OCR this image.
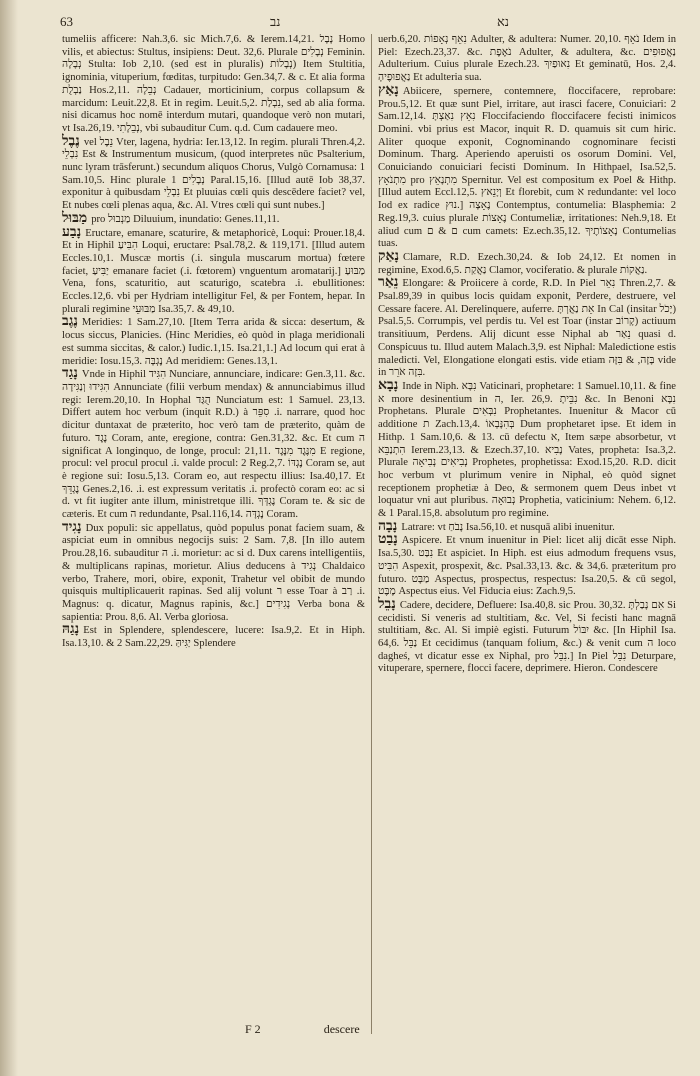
63	נב	נא

tumeliis afficere: Nah.3,6. sic Mich.7,6. & Ierem.14,21. נָבָל Homo vilis, et abiectus: Stultus, insipiens: Deut. 32,6. Plurale נְבָלִים Feminin. נְבָלָה Stulta: Iob 2,10. (sed est in pluralis) נְבָלוֹת) Item Stultitia, ignominia, vituperium, fœditas, turpitudo: Gen.34,7. & c. Et alia forma נַבְלֻת Hos.2,11. נְבֵלָה Cadauer, morticinium, corpus collapsum & marcidum: Leuit.22,8. Et in regim. Leuit.5,2. נִבְלַת, sed ab alia forma. nisi dicamus hoc nomē interdum mutari, quandoque verò non mutari, vt Isa.26,19. נְבֵלָתִי, vbi subauditur Cum. q.d. Cum cadauere meo.

נֶבֶל vel נֵבֶל Vter, lagena, hydria: Ier.13,12. In regim. plurali Thren.4,2. נִבְלֵי Est & Instrumentum musicum, (quod interpretes nūc Psalterium, nunc lyram trāsferunt.) secundum aliquos Chorus, Vulgò Cornamusa: 1 Sam.10,5. Hinc plurale נְבָלִים 1 Paral.15,16. [Illud autē Iob 38,37. exponitur à quibusdam נִבְלֵי Et pluuias cœli quis descēdere faciet? vel, Et nubes cœli plenas aqua, &c. Al. Vtres cœli qui sunt nubes.]

מַבּוּל pro מַנְבוּל Diluuium, inundatio: Genes.11,11.

נָבַע Eructare, emanare, scaturire, & metaphoricè, Loqui: Prouer.18,4. Et in Hiphil הִבִּיעַ Loqui, eructare: Psal.78,2. & 119,171. [Illud autem Eccles.10,1. Muscæ mortis (.i. singula muscarum mortua) fœtere faciet, יַבִּיעַ emanare faciet (.i. fœtorem) vnguentum aromatarij.] מַבּוּעַ Vena, fons, scaturitio, aut scaturigo, scatebra .i. ebullitiones: Eccles.12,6. vbi per Hydriam intelligitur Fel, & per Fontem, hepar. In plurali regimine מַבּוּעֵי Isa.35,7. & 49,10.

נֶגֶב Meridies: 1 Sam.27,10. [Item Terra arida & sicca: desertum, & locus siccus, Planicies. (Hinc Meridies, eò quòd in plaga meridionali est summa siccitas, & calor.) Iudic.1,15. Isa.21,1.] Ad locum qui erat à meridie: Iosu.15,3. נֶגְבָּה Ad meridiem: Genes.13,1.

נָגַד Vnde in Hiphil הִגִּיד Nunciare, annunciare, indicare: Gen.3,11. &c. הִגִּידוּ וְנַגִּידָה Annunciate (filii verbum mendax) & annunciabimus illud regi: Ierem.20,10. In Hophal הֻגַּד Nunciatum est: 1 Samuel. 23,13. Differt autem hoc verbum (inquit R.D.) à סִפֵּר .i. narrare, quod hoc dicitur duntaxat de præterito, hoc verò tam de præterito, quàm de futuro. נֶגֶד Coram, ante, eregione, contra: Gen.31,32. &c. Et cum ה significat A longinquo, de longe, procul: 21,11. מִנֶּגֶד מִנֶּגֶד E regione, procul: vel procul procul .i. valde procul: 2 Reg.2,7. נֶגְדּוֹ Coram se, aut è regione sui: Iosu.5,13. Coram eo, aut respectu illius: Isa.40,17. Et נֶגְדֵּךְ Genes.2,16. .i. est expressum veritatis .i. profectò coram eo: ac si d. vt fit iugiter ante illum, ministretque illi. נֶגְדְּךָ Coram te. & sic de cæteris. Et cum ה redundante, Psal.116,14. נֶגְדָּה Coram.

נָגִיד Dux populi: sic appellatus, quòd populus ponat faciem suam, & aspiciat eum in omnibus negocijs suis: 2 Sam. 7,8. [In illo autem Prou.28,16. subauditur ה .i. morietur: ac si d. Dux carens intelligentiis, & multiplicans rapinas, morietur. Alius deducens à נְגִיד Chaldaico verbo, Trahere, mori, obire, exponit, Trahetur vel obibit de mundo quisquis multiplicauerit rapinas. Sed alij volunt ר esse Toar à רַב .i. Magnus: q. dicatur, Magnus rapinis, &c.] נְגִידִים Verba bona & sapientia: Prou. 8,6. Al. Verba gloriosa.

נָגַהּ Est in Splendere, splendescere, lucere: Isa.9,2. Et in Hiph. Isa.13,10. & 2 Sam.22,29. יַגִּיהַּ Splendere

uerb.6,20. נִאֵף נְאָפוֹת Adulter, & adultera: Numer. 20,10. נֹאֵף Idem in Piel: Ezech.23,37. &c. נֹאֶפֶת Adulter, & adultera, &c. נַאֲפוּפִים Adulterium. Cuius plurale Ezech.23. נִאוּפַיִךְ Et geminatū, Hos. 2,4. נַאֲפוּפֶיהָ Et adulteria sua.

נָאַץ Abiicere, spernere, contemnere, floccifacere, reprobare: Prou.5,12. Et quæ sunt Piel, irritare, aut irasci facere, Conuiciari: 2 Sam.12,14. נִאֵץ נִאַצְתָּ Floccifaciendo floccifacere fecisti inimicos Domini. vbi prius est Macor, inquit R. D. quamuis sit cum hiric. Aliter quoque exponit, Cognominando cognominare fecisti Dominum. Tharg. Aperiendo aperuisti os osorum Domini. Vel, Conuiciando conuiciari fecisti Dominum. In Hithpael, Isa.52,5. מִתְנֹאָץ pro מִתְנָאֵץ Spernitur. Vel est compositum ex Poel & Hithp. [Illud autem Eccl.12,5. וְיָנֵאץ Et florebit, cum א redundante: vel loco Iod ex radice נוּץ.] נֶאָצָה Contemptus, contumelia: Blasphemia: 2 Reg.19,3. cuius plurale נֶאָצוֹת Contumeliæ, irritationes: Neh.9,18. Et aliud cum ם & ם cum camets: Ez.ech.35,12. נָאָצוֹתֶיךָ Contumelias tuas.

נָאַק Clamare, R.D. Ezech.30,24. & Iob 24,12. Et nomen in regimine, Exod.6,5. נַאֲקַת Clamor, vociferatio. & plurale נַאֲקוֹת.

נֵאַר Elongare: & Proiicere à corde, R.D. In Piel נִאֵר Thren.2,7. & Psal.89,39 in quibus locis quidam exponit, Perdere, destruere, vel Cessare facere. Al. Derelinquere, auferre. אֵת נַאֲרְתָּ In Cal (insitar יָכֹל) Psal.5,5. Corrumpis, vel perdis tu. Vel est Toar (instar קָרוֹב) actiuum transitiuum, Perdens. Alij dicunt esse Niphal ab נֵאַר quasi d. Conspicuus tu. Illud autem Malach.3,9. est Niphal: Maledictione estis maledicti. Vel, Elongatione elongati estis. vide etiam בָּזָה, & בִּזָּה vide in בִּזָה אֹרֵר.

נָבָא Inde in Niph. נִבָּא Vaticinari, prophetare: 1 Samuel.10,11. & fine א more desinentium in ה, Ier. 26,9. נִבֵּיתָ &c. In Benoni נִבָּא Prophetans. Plurale נִבְּאִים Prophetantes. Inuenitur & Macor cū additione ת Zach.13,4. בְּהִנָּבְאוֹ Dum prophetaret ipse. Et idem in Hithp. 1 Sam.10,6. & 13. cū defectu א, Item sæpe absorbetur, vt הִתְנַבֵּא Ierem.23,13. & Ezech.37,10. נָבִיא Vates, propheta: Isa.3,2. Plurale נְבִיאִים נְבִיאָה Prophetes, prophetissa: Exod.15,20. R.D. dicit hoc verbum vt plurimum venire in Niphal, eò quòd signet receptionem prophetiæ à Deo, & sermonem quem Deus inbet vt loquatur vni aut pluribus. נְבוּאָה Prophetia, vaticinium: Nehem. 6,12. & 1 Paral.15,8. absolutum pro regimine.

נָבָה Latrare: vt נָבֹחַ Isa.56,10. et nusquā alibi inuenitur.

נָבַט Aspicere. Et vnum inuenitur in Piel: licet alij dicāt esse Niph. Isa.5,30. נִבַּט Et aspiciet. In Hiph. est eius admodum frequens vsus, הִבִּיט Aspexit, prospexit, &c. Psal.33,13. &c. & 34,6. præteritum pro futuro. מַבָּט Aspectus, prospectus, respectus: Isa.20,5. & cū segol, מֶבֶּט Aspectus eius. Vel Fiducia eius: Zach.9,5.

נָבֵל Cadere, decidere, Defluere: Isa.40,8. sic Prou. 30,32. אִם נָבַלְתָּ Si cecidisti. Si veneris ad stultitiam, &c. Vel, Si fecisti hanc magnā stultitiam, &c. Al. Si impiè egisti. Futurum יִבּוֹל &c. [In Hiphil Isa. 64,6. נַבֵּל Et cecidimus (tanquam folium, &c.) & venit cum ה loco dagheś, vt dicatur esse ex Niphal, pro נִבֵּל.] In Piel נִבֵּל Deturpare, vituperare, spernere, flocci facere, deprimere. Hieron. Condescere

F 2	descere
